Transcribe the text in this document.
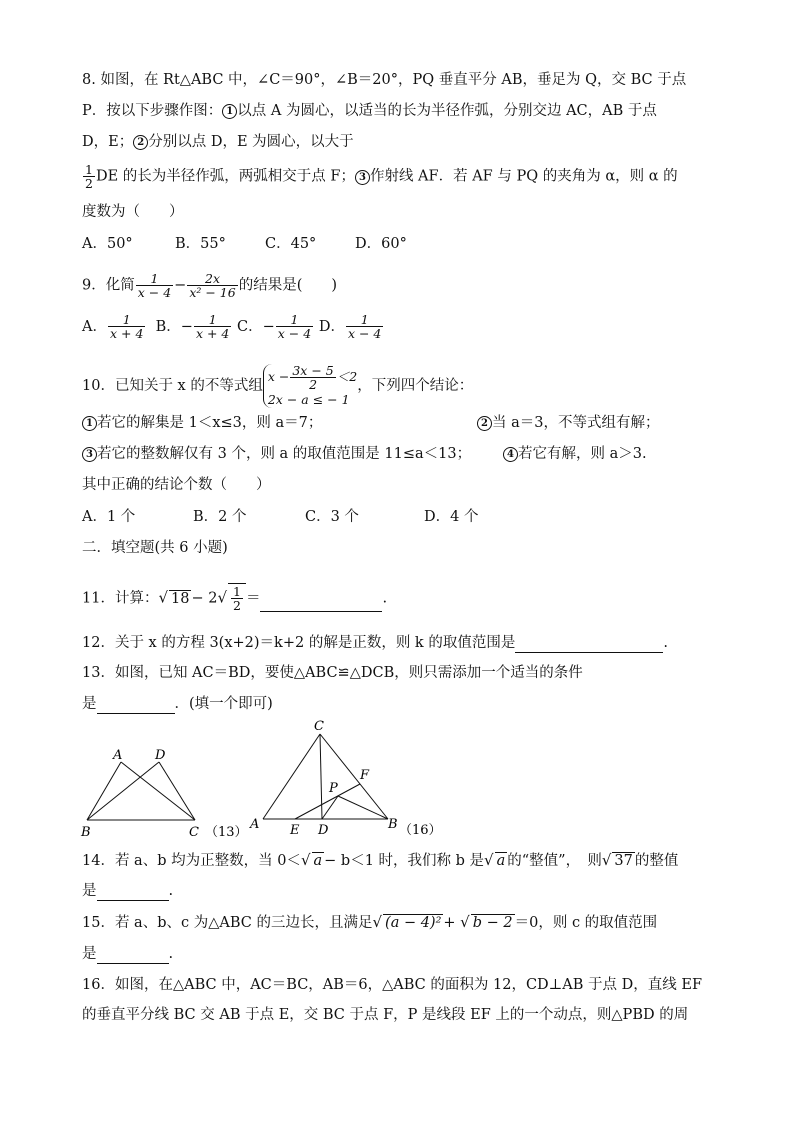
8. 如图，在 Rt△ABC 中，∠C＝90°，∠B＝20°，PQ 垂直平分 AB，垂足为 Q，交 BC 于点
P．按以下步骤作图： 1 以点 A 为圆心，以适当的长为半径作弧，分别交边 AC，AB 于点
D，E； 2 分别以点 D，E 为圆心，以大于
$\frac{1}{2}$ DE 的长为半径作弧，两弧相交于点 F； 3 作射线 AF．若 AF 与 PQ 的夹角为 α，则 α 的
度数为（　　）
A．50°	B．55°	C．45°	D．60°
9．化简 $\frac{1}{x - 4} - \frac{2x}{\text{x² − 16}}$ 的结果是(　　)
A． $\frac{1}{x + 4}$ B．− $\frac{1}{x + 4}$ C．− $\frac{1}{x - 4}$ D． $\frac{1}{x - 4}$
10．已知关于 x 的不等式组
$x - \frac{3x - 5}{2} <2$
2x − a ≤ − 1
，下列四个结论：
1 若它的解集是 1＜x≤3，则 a＝7；	2 当 a＝3，不等式组有解；
3 若它的整数解仅有 3 个，则 a 的取值范围是 11≤a＜13；	4 若它有解，则 a＞3.
其中正确的结论个数（　　）
A．1 个	B．2 个	C．3 个	D．4 个
二．填空题(共 6 小题)
11．计算：√ $18 - 2√ \frac{1}{2}$ ＝	.
12．关于 x 的方程 3(x+2)＝k+2 的解是正数，则 k 的取值范围是	.
13．如图，已知 AC＝BD，要使△ABC≌△DCB，则只需添加一个适当的条件
是	．(填一个即可)
A	D
B	C （13）
C
P
F
A E D	B （16）
14．若 a、b 均为正整数，当 0＜√ a − b＜1 时，我们称 b 是√ a 的“整值”，　则√ 37 的整值
是	.
15．若 a、b、c 为△ABC 的三边长，且满足√ (a − 4)² + √ b − 2 ＝0，则 c 的取值范围
是	.
16．如图，在△ABC 中，AC＝BC，AB＝6，△ABC 的面积为 12，CD⊥AB 于点 D，直线 EF
的垂直平分线 BC 交 AB 于点 E，交 BC 于点 F，P 是线段 EF 上的一个动点，则△PBD 的周
